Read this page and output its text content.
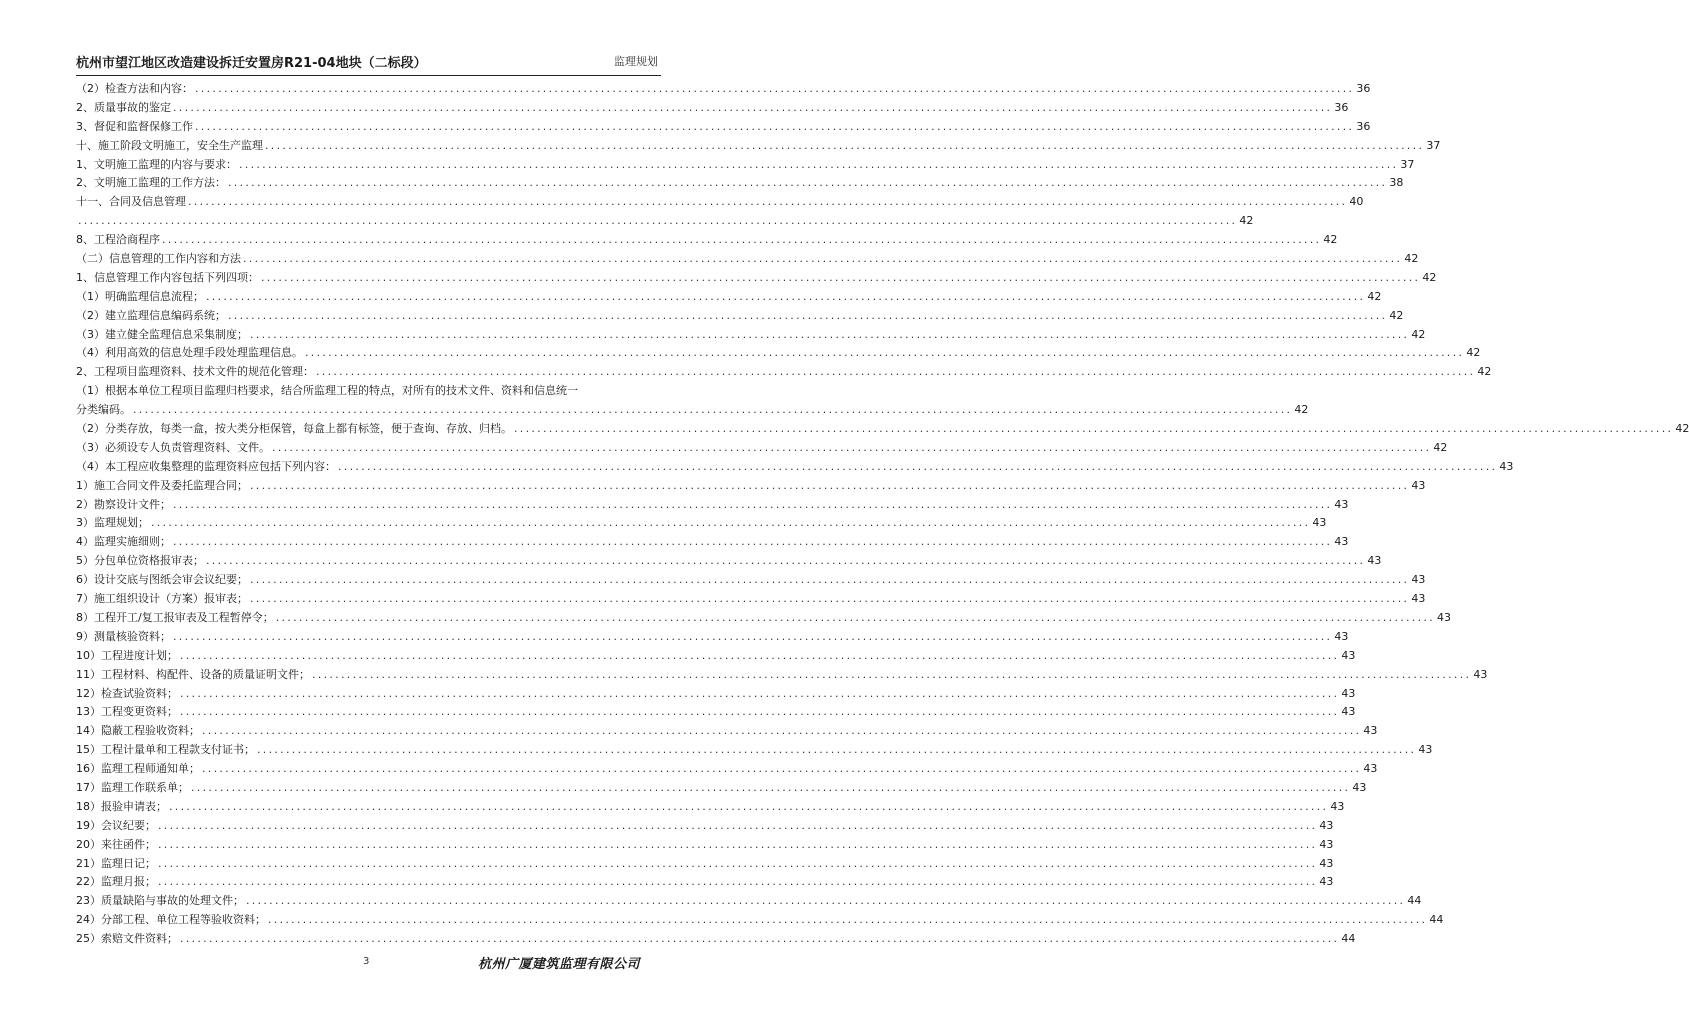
杭州市望江地区改造建设拆迁安置房R21-04地块（二标段）	监理规划
（2）检查方法和内容： ........................................................................................................................................................................................................ 36
2、质量事故的鉴定 ........................................................................................................................................................................................................ 36
3、督促和监督保修工作 ........................................................................................................................................................................................................ 36
十、施工阶段文明施工，安全生产监理 ........................................................................................................................................................................................................ 37
1、文明施工监理的内容与要求： ........................................................................................................................................................................................................ 37
2、文明施工监理的工作方法： ........................................................................................................................................................................................................ 38
十一、合同及信息管理 ........................................................................................................................................................................................................ 40
........................................................................................................................................................................................................ 42
8、工程洽商程序 ........................................................................................................................................................................................................ 42
（二）信息管理的工作内容和方法 ........................................................................................................................................................................................................ 42
1、信息管理工作内容包括下列四项： ........................................................................................................................................................................................................ 42
（1）明确监理信息流程； ........................................................................................................................................................................................................ 42
（2）建立监理信息编码系统； ........................................................................................................................................................................................................ 42
（3）建立健全监理信息采集制度； ........................................................................................................................................................................................................ 42
（4）利用高效的信息处理手段处理监理信息。 ........................................................................................................................................................................................................ 42
2、工程项目监理资料、技术文件的规范化管理： ........................................................................................................................................................................................................ 42
（1）根据本单位工程项目监理归档要求，结合所监理工程的特点，对所有的技术文件、资料和信息统一
分类编码。 ........................................................................................................................................................................................................ 42
（2）分类存放，每类一盒，按大类分柜保管，每盒上都有标签，便于查询、存放、归档。 ........................................................................................................................................................................................................ 42
（3）必须设专人负责管理资料、文件。 ........................................................................................................................................................................................................ 42
（4）本工程应收集整理的监理资料应包括下列内容： ........................................................................................................................................................................................................ 43
1）施工合同文件及委托监理合同； ........................................................................................................................................................................................................ 43
2）勘察设计文件； ........................................................................................................................................................................................................ 43
3）监理规划； ........................................................................................................................................................................................................ 43
4）监理实施细则； ........................................................................................................................................................................................................ 43
5）分包单位资格报审表； ........................................................................................................................................................................................................ 43
6）设计交底与图纸会审会议纪要； ........................................................................................................................................................................................................ 43
7）施工组织设计（方案）报审表； ........................................................................................................................................................................................................ 43
8）工程开工/复工报审表及工程暂停令； ........................................................................................................................................................................................................ 43
9）测量核验资料； ........................................................................................................................................................................................................ 43
10）工程进度计划； ........................................................................................................................................................................................................ 43
11）工程材料、构配件、设备的质量证明文件； ........................................................................................................................................................................................................ 43
12）检查试验资料； ........................................................................................................................................................................................................ 43
13）工程变更资料； ........................................................................................................................................................................................................ 43
14）隐蔽工程验收资料； ........................................................................................................................................................................................................ 43
15）工程计量单和工程款支付证书； ........................................................................................................................................................................................................ 43
16）监理工程师通知单； ........................................................................................................................................................................................................ 43
17）监理工作联系单； ........................................................................................................................................................................................................ 43
18）报验申请表； ........................................................................................................................................................................................................ 43
19）会议纪要； ........................................................................................................................................................................................................ 43
20）来往函件； ........................................................................................................................................................................................................ 43
21）监理日记； ........................................................................................................................................................................................................ 43
22）监理月报； ........................................................................................................................................................................................................ 43
23）质量缺陷与事故的处理文件； ........................................................................................................................................................................................................ 44
24）分部工程、单位工程等验收资料； ........................................................................................................................................................................................................ 44
25）索赔文件资料； ........................................................................................................................................................................................................ 44
3	杭州广厦建筑监理有限公司
